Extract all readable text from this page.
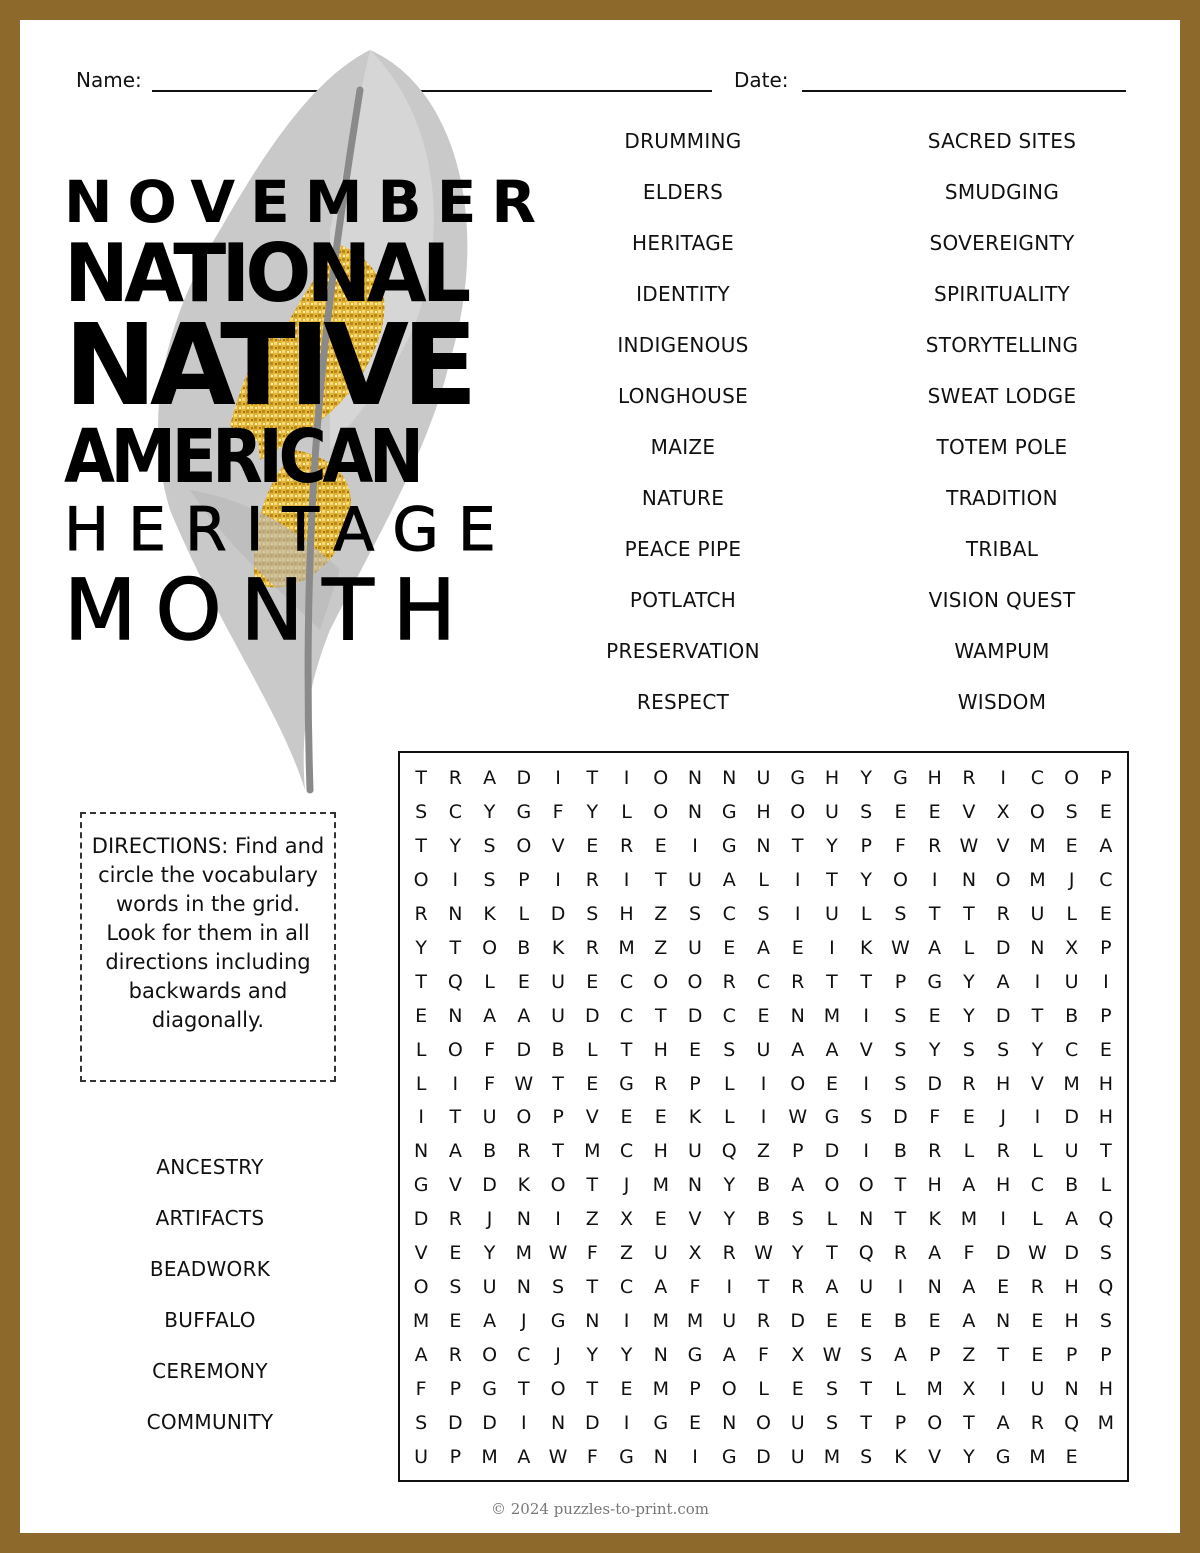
Name:	Date:
NOVEMBER
NATIONAL
NATIVE
AMERICAN
HERITAGE
MONTH
DRUMMING
ELDERS
HERITAGE
IDENTITY
INDIGENOUS
LONGHOUSE
MAIZE
NATURE
PEACE PIPE
POTLATCH
PRESERVATION
RESPECT
SACRED SITES
SMUDGING
SOVEREIGNTY
SPIRITUALITY
STORYTELLING
SWEAT LODGE
TOTEM POLE
TRADITION
TRIBAL
VISION QUEST
WAMPUM
WISDOM
DIRECTIONS: Find and circle the vocabulary words in the grid. Look for them in all directions including backwards and diagonally.
ANCESTRY
ARTIFACTS
BEADWORK
BUFFALO
CEREMONY
COMMUNITY
T	R	A	D	I	T	I	O	N	N	U	G	H	Y	G	H	R	I	C	O	P
S	C	Y	G	F	Y	L	O	N	G	H	O	U	S	E	E	V	X	O	S	E
T	Y	S	O	V	E	R	E	I	G	N	T	Y	P	F	R W V	M	E	A
O	I	S	P	I	R	I	T	U	A	L	I	T	Y	O	I	N	O M	J	C
R	N	K	L	D	S	H	Z	S	C	S	I	U	L	S	T	T	R	U	L	E
Y	T	O	B	K	R	M	Z	U	E	A	E	I	K W A	L	D	N	X	P
T	Q	L	E	U	E	C	O	O	R	C	R	T	T	P	G	Y	A	I	U	I
E	N	A	A	U	D	C	T	D	C	E	N M	I	S	E	Y	D	T	B	P
L	O	F	D	B	L	T	H	E	S	U	A	A	V	S	Y	S	S	Y	C	E
L	I	F	W	T	E	G	R	P	L	I	O	E	I	S	D	R	H	V	M H
I	T	U	O	P	V	E	E	K	L	I	W G	S	D	F	E	J	I	D	H
N	A	B	R	T	M	C	H	U	Q	Z	P	D	I	B	R	L	R	L	U	T
G	V	D	K	O	T	J	M N	Y	B	A	O	O	T	H	A	H	C	B	L
D	R	J	N	I	Z	X	E	V	Y	B	S	L	N	T	K	M	I	L	A	Q
V	E	Y	M W	F	Z	U	X	R W	Y	T	Q	R	A	F	D W D	S
O	S	U	N	S	T	C	A	F	I	T	R	A	U	I	N	A	E	R	H	Q
M	E	A	J	G	N	I	M M	U	R	D	E	E	B	E	A	N	E	H	S
A	R	O	C	J	Y	Y	N	G	A	F	X W S	A	P	Z	T	E	P	P
F	P	G	T	O	T	E	M	P	O	L	E	S	T	L	M	X	I	U	N	H
S	D	D	I	N	D	I	G	E	N	O	U	S	T	P	O	T	A	R	Q M
U	P	M	A W	F	G	N	I	G	D	U	M	S	K	V	Y	G M	E
© 2024 puzzles-to-print.com
